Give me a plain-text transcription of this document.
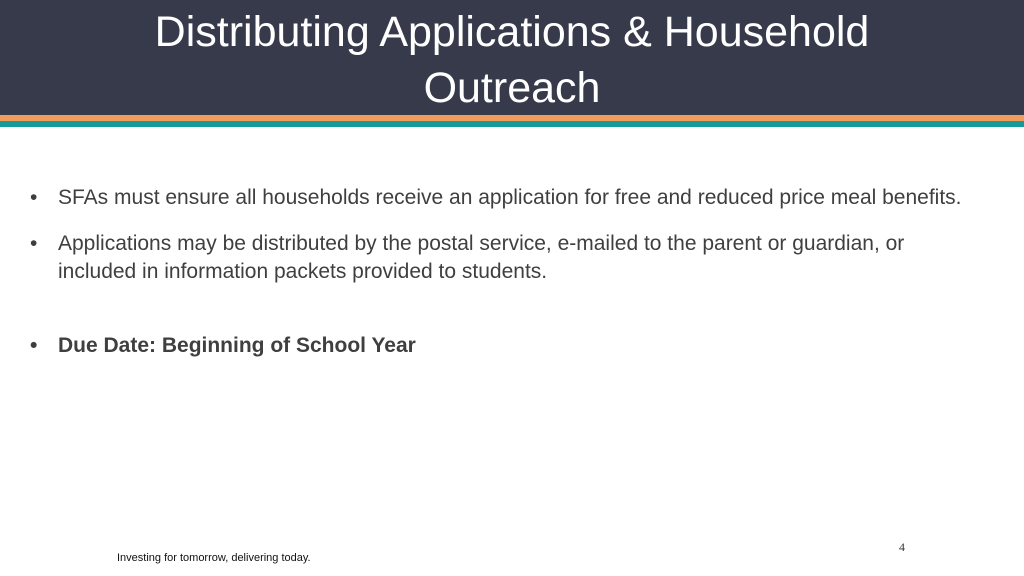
Distributing Applications & Household Outreach
• SFAs must ensure all households receive an application for free and reduced price meal benefits.
• Applications may be distributed by the postal service, e-mailed to the parent or guardian, or included in information packets provided to students.
• Due Date: Beginning of School Year
Investing for tomorrow, delivering today.
4
